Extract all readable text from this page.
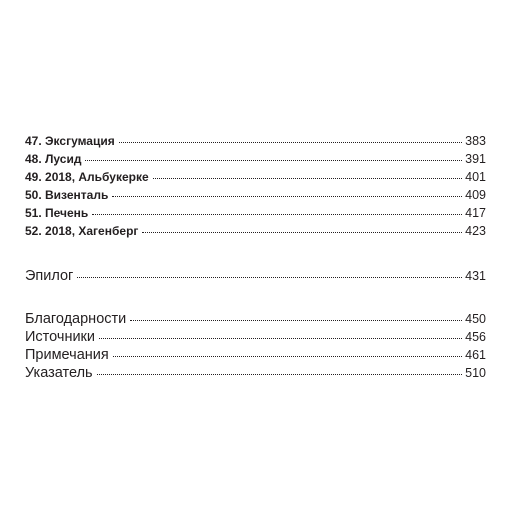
47. Эксгумация	383
48. Лусид	391
49. 2018, Альбукерке	401
50. Визенталь	409
51. Печень	417
52. 2018, Хагенберг	423
Эпилог	431
Благодарности	450
Источники	456
Примечания	461
Указатель	510
